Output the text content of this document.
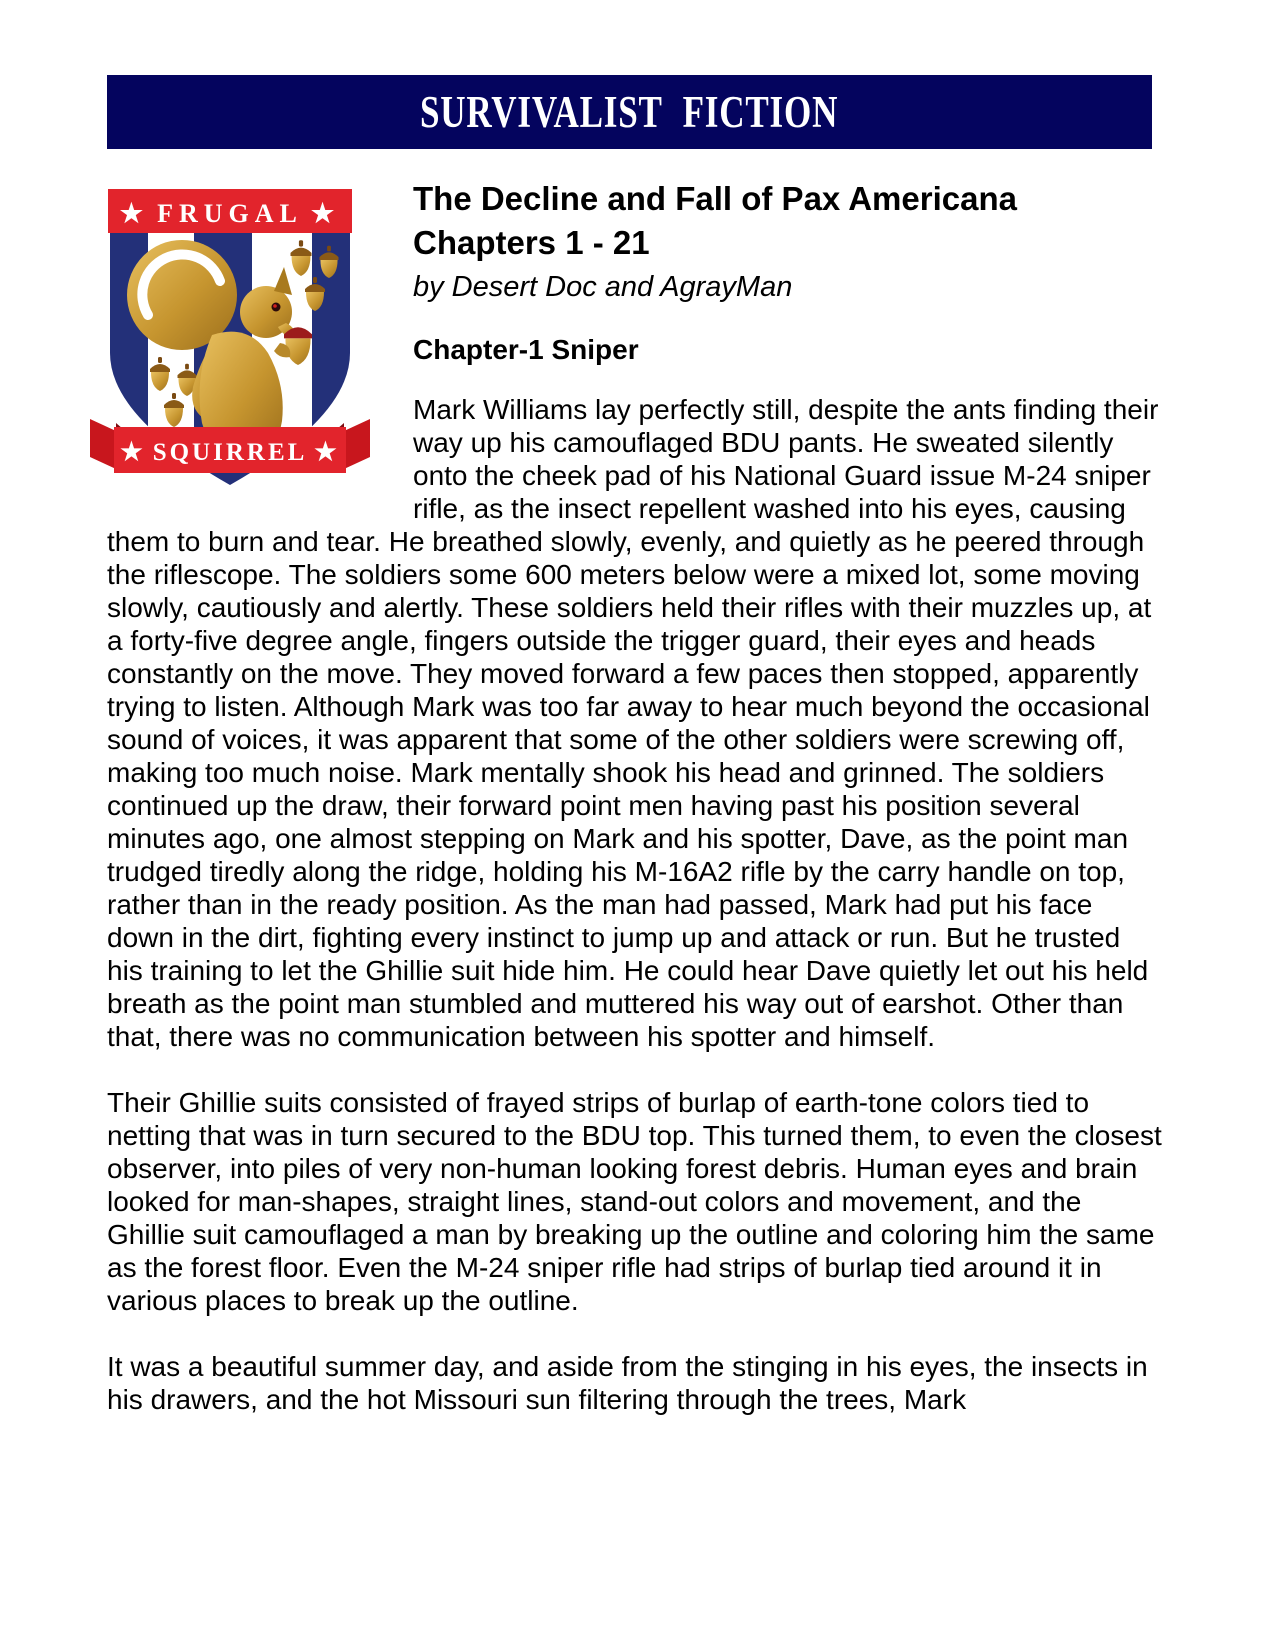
SURVIVALIST FICTION
★ SQUIRREL ★
★ FRUGAL ★	The Decline and Fall of Pax Americana
Chapters 1 - 21
by Desert Doc and AgrayMan
Chapter-1 Sniper

Mark Williams lay perfectly still, despite the ants finding their way up his camouflaged BDU pants. He sweated silently onto the cheek pad of his National Guard issue M-24 sniper rifle, as the insect repellent washed into his eyes, causing them to burn and tear. He breathed slowly, evenly, and quietly as he peered through the riflescope. The soldiers some 600 meters below were a mixed lot, some moving slowly, cautiously and alertly. These soldiers held their rifles with their muzzles up, at a forty-five degree angle, fingers outside the trigger guard, their eyes and heads constantly on the move. They moved forward a few paces then stopped, apparently trying to listen. Although Mark was too far away to hear much beyond the occasional sound of voices, it was apparent that some of the other soldiers were screwing off, making too much noise. Mark mentally shook his head and grinned. The soldiers continued up the draw, their forward point men having past his position several minutes ago, one almost stepping on Mark and his spotter, Dave, as the point man trudged tiredly along the ridge, holding his M-16A2 rifle by the carry handle on top, rather than in the ready position. As the man had passed, Mark had put his face down in the dirt, fighting every instinct to jump up and attack or run. But he trusted his training to let the Ghillie suit hide him. He could hear Dave quietly let out his held breath as the point man stumbled and muttered his way out of earshot. Other than that, there was no communication between his spotter and himself.

Their Ghillie suits consisted of frayed strips of burlap of earth-tone colors tied to netting that was in turn secured to the BDU top. This turned them, to even the closest observer, into piles of very non-human looking forest debris. Human eyes and brain looked for man-shapes, straight lines, stand-out colors and movement, and the Ghillie suit camouflaged a man by breaking up the outline and coloring him the same as the forest floor. Even the M-24 sniper rifle had strips of burlap tied around it in various places to break up the outline.

It was a beautiful summer day, and aside from the stinging in his eyes, the insects in his drawers, and the hot Missouri sun filtering through the trees, Mark
